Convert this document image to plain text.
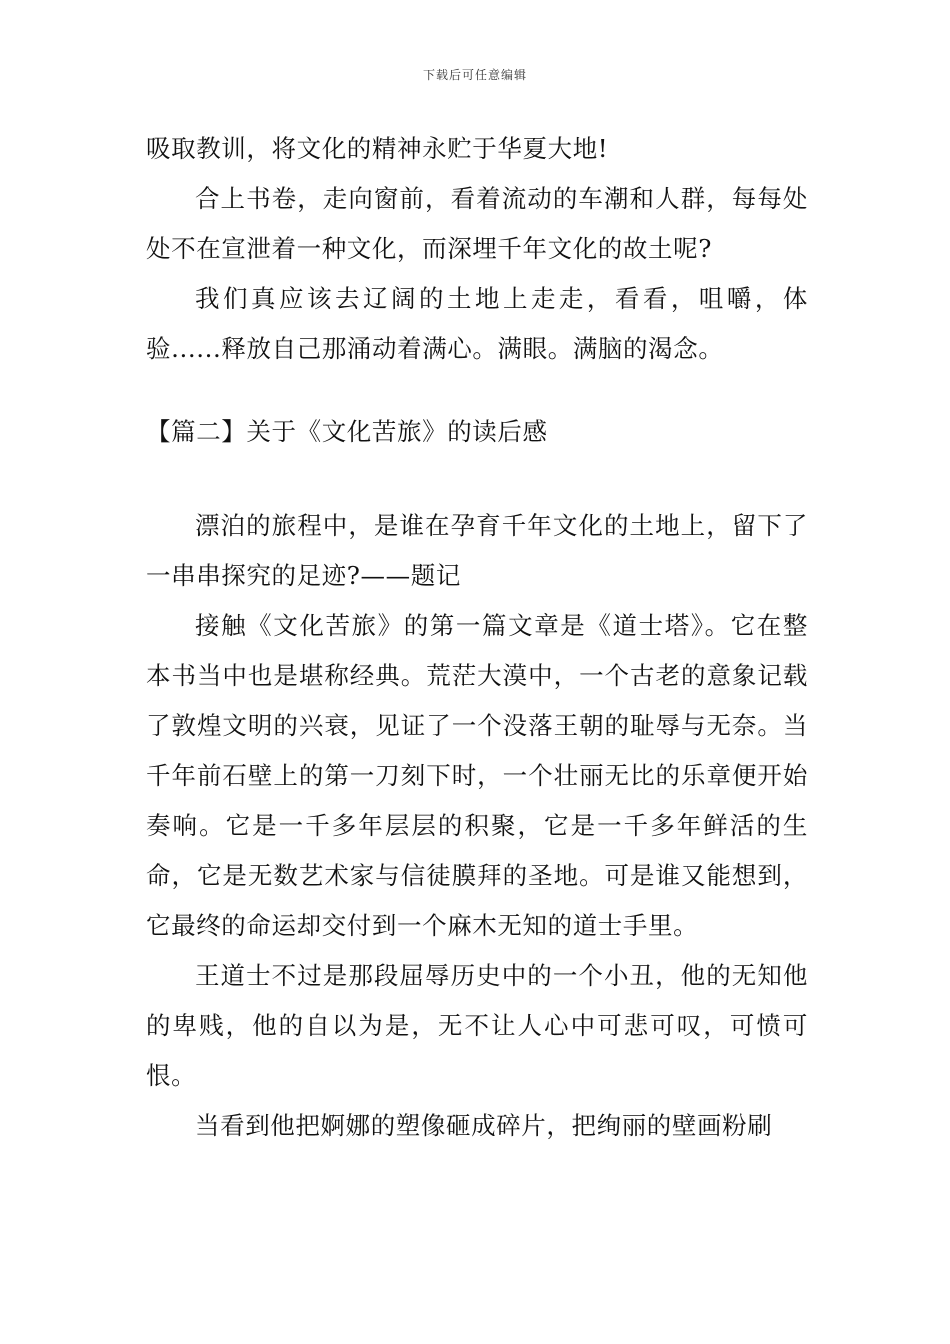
下载后可任意编辑

吸取教训，将文化的精神永贮于华夏大地!

合上书卷，走向窗前，看着流动的车潮和人群，每每处处不在宣泄着一种文化，而深埋千年文化的故土呢?

我们真应该去辽阔的土地上走走，看看，咀嚼，体验......释放自己那涌动着满心。满眼。满脑的渴念。

【篇二】关于《文化苦旅》的读后感

漂泊的旅程中，是谁在孕育千年文化的土地上，留下了一串串探究的足迹?——题记

接触《文化苦旅》的第一篇文章是《道士塔》。它在整本书当中也是堪称经典。荒茫大漠中，一个古老的意象记载了敦煌文明的兴衰，见证了一个没落王朝的耻辱与无奈。当千年前石壁上的第一刀刻下时，一个壮丽无比的乐章便开始奏响。它是一千多年层层的积聚，它是一千多年鲜活的生命，它是无数艺术家与信徒膜拜的圣地。可是谁又能想到，它最终的命运却交付到一个麻木无知的道士手里。

王道士不过是那段屈辱历史中的一个小丑，他的无知他的卑贱，他的自以为是，无不让人心中可悲可叹，可愤可恨。

当看到他把婀娜的塑像砸成碎片，把绚丽的壁画粉刷
